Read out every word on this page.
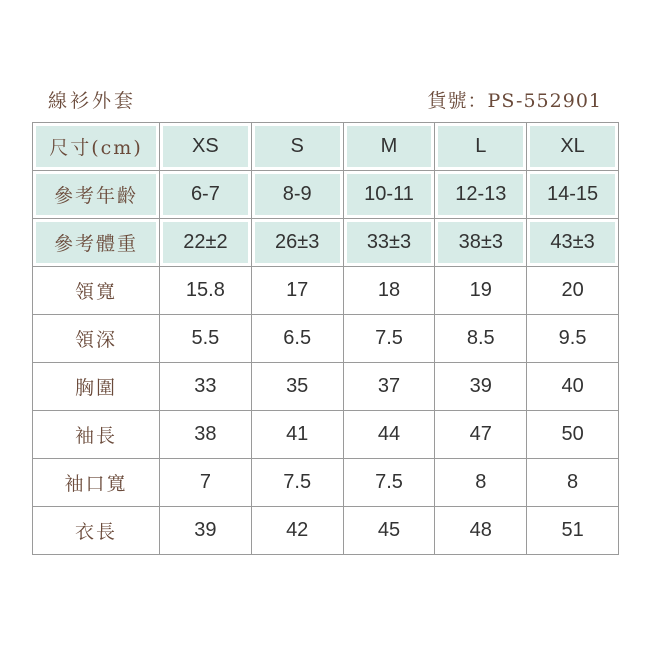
線衫外套	貨號：PS-552901
尺寸(cm)	XS	S	M	L	XL
參考年齡	6-7	8-9	10-11	12-13	14-15
參考體重	22±2	26±3	33±3	38±3	43±3
領寬	15.8	17	18	19	20
領深	5.5	6.5	7.5	8.5	9.5
胸圍	33	35	37	39	40
袖長	38	41	44	47	50
袖口寬	7	7.5	7.5	8	8
衣長	39	42	45	48	51
